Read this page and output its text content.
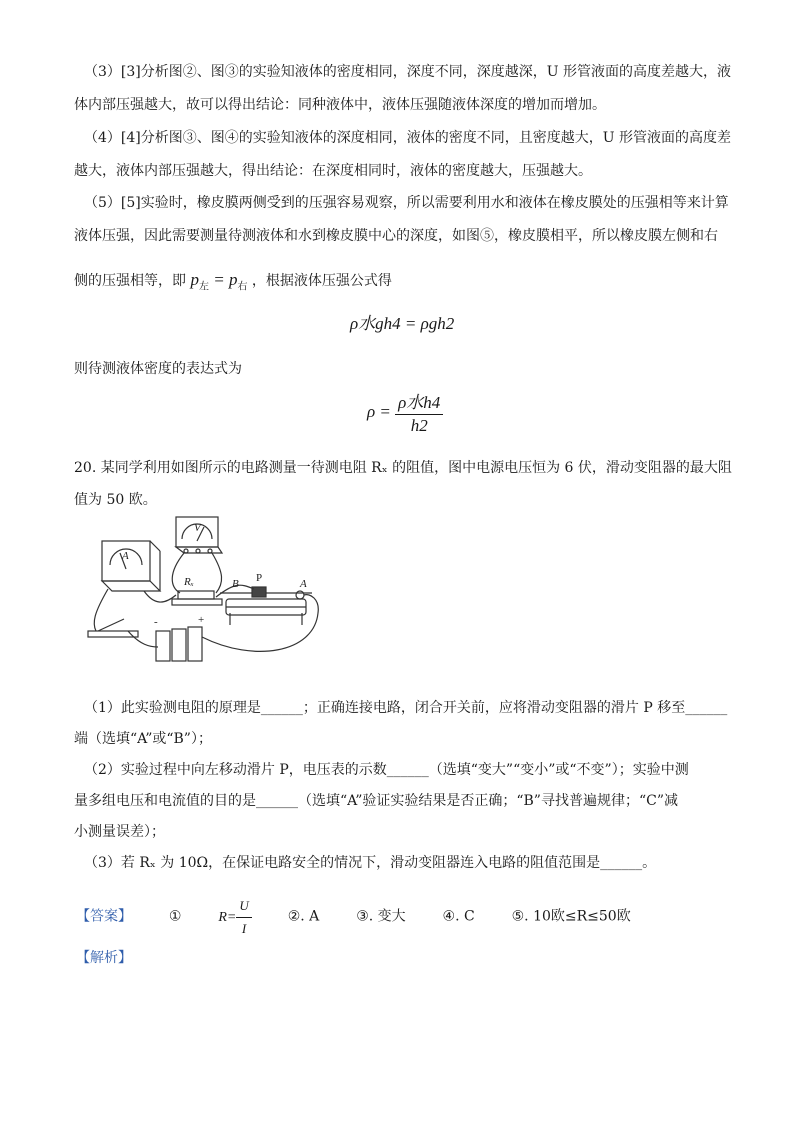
（3）[3]分析图②、图③的实验知液体的密度相同，深度不同，深度越深，U 形管液面的高度差越大，液
体内部压强越大，故可以得出结论：同种液体中，液体压强随液体深度的增加而增加。
（4）[4]分析图③、图④的实验知液体的深度相同，液体的密度不同，且密度越大，U 形管液面的高度差
越大，液体内部压强越大，得出结论：在深度相同时，液体的密度越大，压强越大。
（5）[5]实验时，橡皮膜两侧受到的压强容易观察，所以需要利用水和液体在橡皮膜处的压强相等来计算
液体压强，因此需要测量待测液体和水到橡皮膜中心的深度，如图⑤，橡皮膜相平，所以橡皮膜左侧和右
侧的压强相等，即 $p_左 = p_右$ ，根据液体压强公式得
ρ水gh4 = ρgh2
则待测液体密度的表达式为
$\rho = \frac{\text{ρ水h4}}{h2}$
20. 某同学利用如图所示的电路测量一待测电阻 Rₓ 的阻值，图中电源电压恒为 6 伏，滑动变阻器的最大阻
值为 50 欧。
A
V
Rₓ	B P	A
-	+
（1）此实验测电阻的原理是______；正确连接电路，闭合开关前，应将滑动变阻器的滑片 P 移至______
端（选填“A”或“B”）；
（2）实验过程中向左移动滑片 P，电压表的示数______（选填“变大”“变小”或“不变”）；实验中测
量多组电压和电流值的目的是______（选填“A”验证实验结果是否正确；“B”寻找普遍规律；“C”减
小测量误差）；
（3）若 Rₓ 为 10Ω，在保证电路安全的情况下，滑动变阻器连入电路的阻值范围是______。
【答案】	①	$R= \frac{U}{I}$	②. A	③. 变大	④. C	⑤. 10欧≤R≤50欧
【解析】
